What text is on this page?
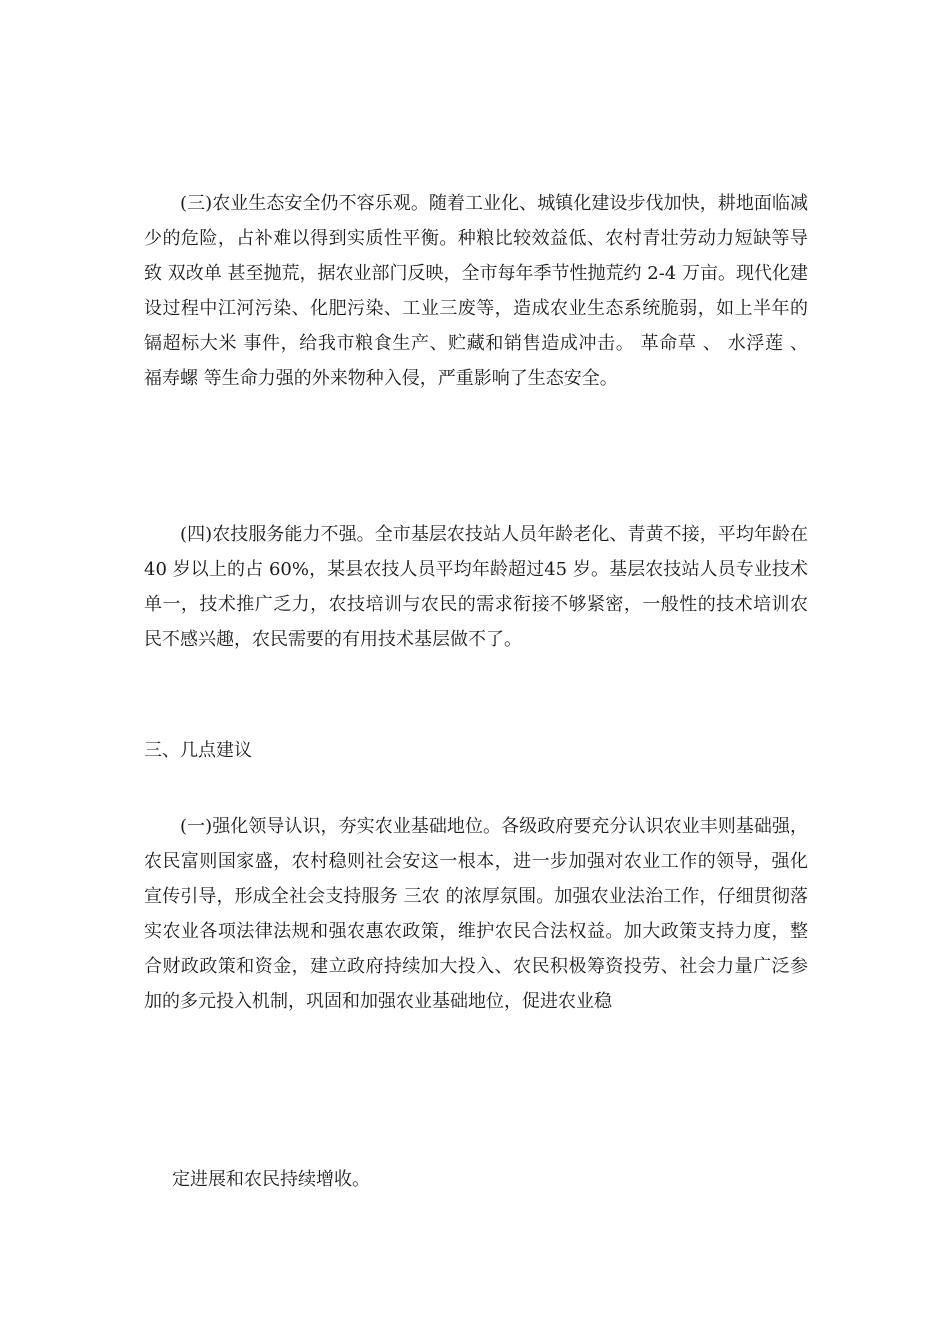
(三)农业生态安全仍不容乐观。随着工业化、城镇化建设步伐加快，耕地面临减少的危险，占补难以得到实质性平衡。种粮比较效益低、农村青壮劳动力短缺等导致 双改单 甚至抛荒，据农业部门反映，全市每年季节性抛荒约 2-4 万亩。现代化建设过程中江河污染、化肥污染、工业三废等，造成农业生态系统脆弱，如上半年的 镉超标大米 事件，给我市粮食生产、贮藏和销售造成冲击。 革命草 、 水浮莲 、 福寿螺 等生命力强的外来物种入侵，严重影响了生态安全。

(四)农技服务能力不强。全市基层农技站人员年龄老化、青黄不接，平均年龄在 40 岁以上的占 60%，某县农技人员平均年龄超过45 岁。基层农技站人员专业技术单一，技术推广乏力，农技培训与农民的需求衔接不够紧密，一般性的技术培训农民不感兴趣，农民需要的有用技术基层做不了。

三、几点建议

(一)强化领导认识，夯实农业基础地位。各级政府要充分认识农业丰则基础强，农民富则国家盛，农村稳则社会安这一根本，进一步加强对农业工作的领导，强化宣传引导，形成全社会支持服务 三农 的浓厚氛围。加强农业法治工作，仔细贯彻落实农业各项法律法规和强农惠农政策，维护农民合法权益。加大政策支持力度，整合财政政策和资金，建立政府持续加大投入、农民积极筹资投劳、社会力量广泛参加的多元投入机制，巩固和加强农业基础地位，促进农业稳

定进展和农民持续增收。
